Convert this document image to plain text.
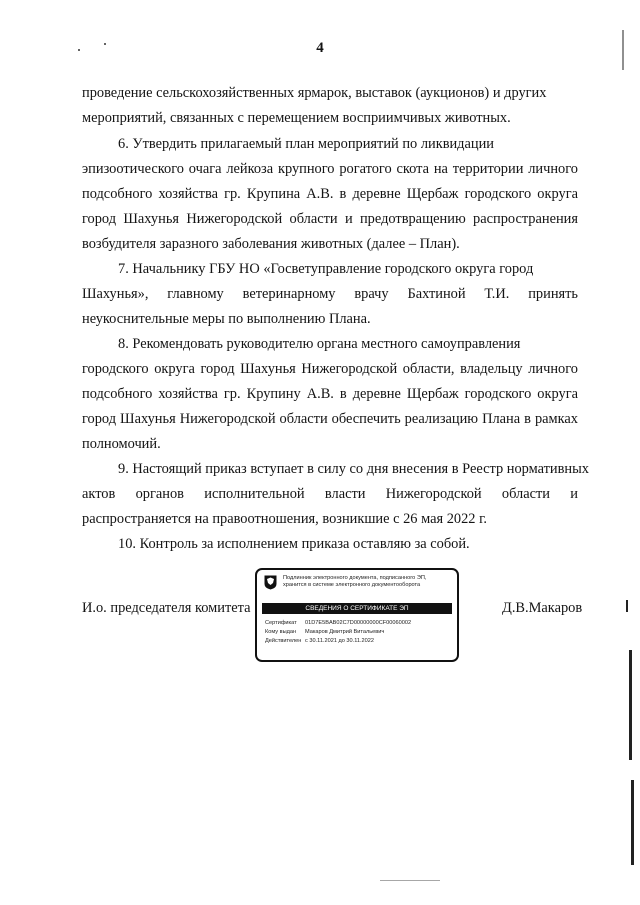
4
проведение сельскохозяйственных ярмарок, выставок (аукционов) и других
мероприятий, связанных с перемещением восприимчивых животных.
6. Утвердить прилагаемый план мероприятий по ликвидации
эпизоотического очага лейкоза крупного рогатого скота на территории личного
подсобного хозяйства гр. Крупина А.В. в деревне Щербаж городского округа
город Шахунья Нижегородской области и предотвращению распространения
возбудителя заразного заболевания животных (далее – План).
7. Начальнику ГБУ НО «Госветуправление городского округа город
Шахунья», главному ветеринарному врачу Бахтиной Т.И. принять
неукоснительные меры по выполнению Плана.
8. Рекомендовать руководителю органа местного самоуправления
городского округа город Шахунья Нижегородской области, владельцу личного
подсобного хозяйства гр. Крупину А.В. в деревне Щербаж городского округа
город Шахунья Нижегородской области обеспечить реализацию Плана в рамках
полномочий.
9. Настоящий приказ вступает в силу со дня внесения в Реестр нормативных
актов органов исполнительной власти Нижегородской области и
распространяется на правоотношения, возникшие с 26 мая 2022 г.
10. Контроль за исполнением приказа оставляю за собой.
И.о. председателя комитета	Д.В.Макаров
Подлинник электронного документа, подписанного ЭП,
хранится в системе электронного документооборота
СВЕДЕНИЯ О СЕРТИФИКАТЕ ЭП
Сертификат 01D7E5BAB02C7D00000000CF00060002
Кому выдан Макаров Дмитрий Витальевич
Действителен с 30.11.2021 до 30.11.2022
